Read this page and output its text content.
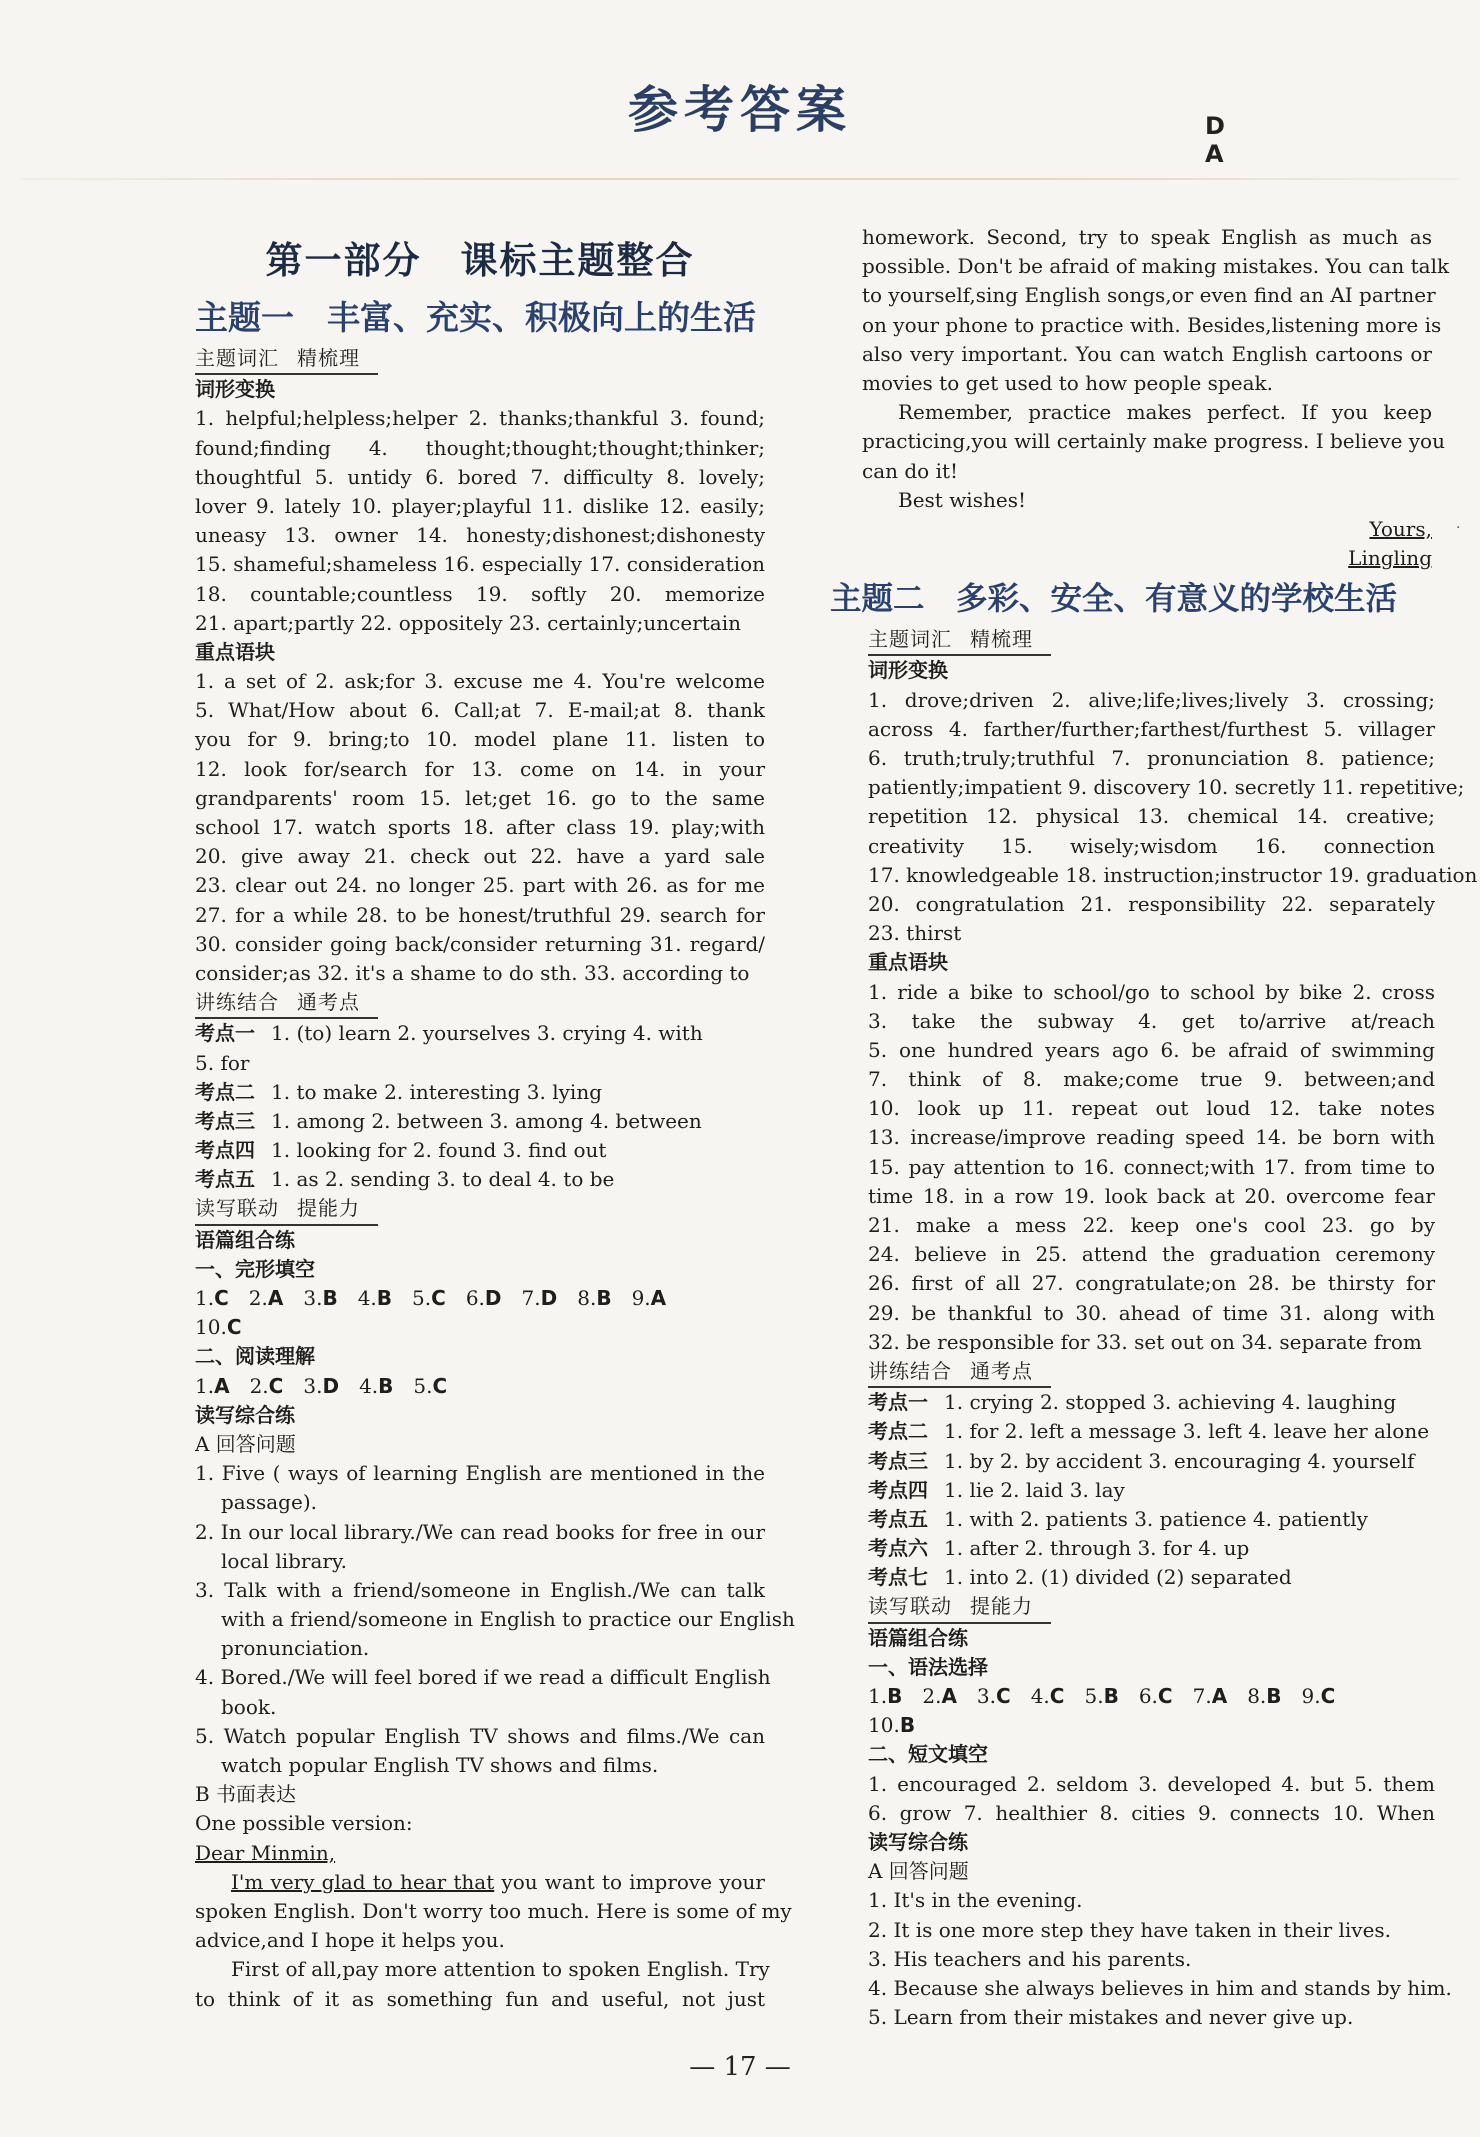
参考答案	D
A
第一部分　课标主题整合
主题一　丰富、充实、积极向上的生活
主题词汇 精梳理
词形变换
1. helpful;helpless;helper 2. thanks;thankful 3. found;
found;finding 4. thought;thought;thought;thinker;
thoughtful 5. untidy 6. bored 7. difficulty 8. lovely;
lover 9. lately 10. player;playful 11. dislike 12. easily;
uneasy 13. owner 14. honesty;dishonest;dishonesty
15. shameful;shameless 16. especially 17. consideration
18. countable;countless 19. softly 20. memorize
21. apart;partly 22. oppositely 23. certainly;uncertain
重点语块
1. a set of 2. ask;for 3. excuse me 4. You're welcome
5. What/How about 6. Call;at 7. E-mail;at 8. thank
you for 9. bring;to 10. model plane 11. listen to
12. look for/search for 13. come on 14. in your
grandparents' room 15. let;get 16. go to the same
school 17. watch sports 18. after class 19. play;with
20. give away 21. check out 22. have a yard sale
23. clear out 24. no longer 25. part with 26. as for me
27. for a while 28. to be honest/truthful 29. search for
30. consider going back/consider returning 31. regard/
consider;as 32. it's a shame to do sth. 33. according to
讲练结合 通考点
考点一 1. (to) learn 2. yourselves 3. crying 4. with
5. for
考点二 1. to make 2. interesting 3. lying
考点三 1. among 2. between 3. among 4. between
考点四 1. looking for 2. found 3. find out
考点五 1. as 2. sending 3. to deal 4. to be
读写联动 提能力
语篇组合练
一、完形填空
1.C 2.A 3.B 4.B 5.C 6.D 7.D 8.B 9.A
10.C
二、阅读理解
1.A 2.C 3.D 4.B 5.C
读写综合练
A 回答问题
1. Five ( ways of learning English are mentioned in the
passage).
2. In our local library./We can read books for free in our
local library.
3. Talk with a friend/someone in English./We can talk
with a friend/someone in English to practice our English
pronunciation.
4. Bored./We will feel bored if we read a difficult English
book.
5. Watch popular English TV shows and films./We can
watch popular English TV shows and films.
B 书面表达
One possible version:
Dear Minmin,
I'm very glad to hear that you want to improve your
spoken English. Don't worry too much. Here is some of my
advice,and I hope it helps you.
First of all,pay more attention to spoken English. Try
to think of it as something fun and useful, not just
homework. Second, try to speak English as much as
possible. Don't be afraid of making mistakes. You can talk
to yourself,sing English songs,or even find an AI partner
on your phone to practice with. Besides,listening more is
also very important. You can watch English cartoons or
movies to get used to how people speak.
Remember, practice makes perfect. If you keep
practicing,you will certainly make progress. I believe you
can do it!
Best wishes!
Yours,
Lingling
主题二　多彩、安全、有意义的学校生活
主题词汇 精梳理
词形变换
1. drove;driven 2. alive;life;lives;lively 3. crossing;
across 4. farther/further;farthest/furthest 5. villager
6. truth;truly;truthful 7. pronunciation 8. patience;
patiently;impatient 9. discovery 10. secretly 11. repetitive;
repetition 12. physical 13. chemical 14. creative;
creativity 15. wisely;wisdom 16. connection
17. knowledgeable 18. instruction;instructor 19. graduation
20. congratulation 21. responsibility 22. separately
23. thirst
重点语块
1. ride a bike to school/go to school by bike 2. cross
3. take the subway 4. get to/arrive at/reach
5. one hundred years ago 6. be afraid of swimming
7. think of 8. make;come true 9. between;and
10. look up 11. repeat out loud 12. take notes
13. increase/improve reading speed 14. be born with
15. pay attention to 16. connect;with 17. from time to
time 18. in a row 19. look back at 20. overcome fear
21. make a mess 22. keep one's cool 23. go by
24. believe in 25. attend the graduation ceremony
26. first of all 27. congratulate;on 28. be thirsty for
29. be thankful to 30. ahead of time 31. along with
32. be responsible for 33. set out on 34. separate from
讲练结合 通考点
考点一 1. crying 2. stopped 3. achieving 4. laughing
考点二 1. for 2. left a message 3. left 4. leave her alone
考点三 1. by 2. by accident 3. encouraging 4. yourself
考点四 1. lie 2. laid 3. lay
考点五 1. with 2. patients 3. patience 4. patiently
考点六 1. after 2. through 3. for 4. up
考点七 1. into 2. (1) divided (2) separated
读写联动 提能力
语篇组合练
一、语法选择
1.B 2.A 3.C 4.C 5.B 6.C 7.A 8.B 9.C
10.B
二、短文填空
1. encouraged 2. seldom 3. developed 4. but 5. them
6. grow 7. healthier 8. cities 9. connects 10. When
读写综合练
A 回答问题
1. It's in the evening.
2. It is one more step they have taken in their lives.
3. His teachers and his parents.
4. Because she always believes in him and stands by him.
5. Learn from their mistakes and never give up.
— 17 —
·
